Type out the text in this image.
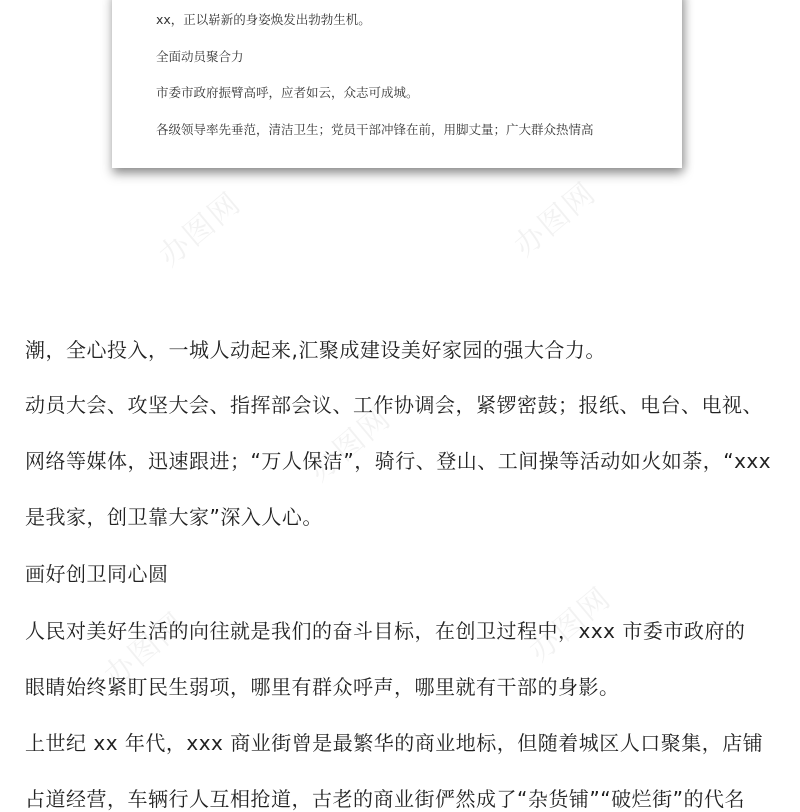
xx，正以崭新的身姿焕发出勃勃生机。
全面动员聚合力
市委市政府振臂高呼，应者如云，众志可成城。
各级领导率先垂范，清洁卫生；党员干部冲锋在前，用脚丈量；广大群众热情高
办图网	办图网
办图网
办图网
办图网
潮，全心投入，一城人动起来,汇聚成建设美好家园的强大合力。
动员大会、攻坚大会、指挥部会议、工作协调会，紧锣密鼓；报纸、电台、电视、
网络等媒体，迅速跟进；“万人保洁”，骑行、登山、工间操等活动如火如荼，“xxx
是我家，创卫靠大家”深入人心。
画好创卫同心圆
人民对美好生活的向往就是我们的奋斗目标，在创卫过程中，xxx 市委市政府的
眼睛始终紧盯民生弱项，哪里有群众呼声，哪里就有干部的身影。
上世纪 xx 年代，xxx 商业街曾是最繁华的商业地标，但随着城区人口聚集，店铺
占道经营，车辆行人互相抢道，古老的商业街俨然成了“杂货铺”“破烂街”的代名
